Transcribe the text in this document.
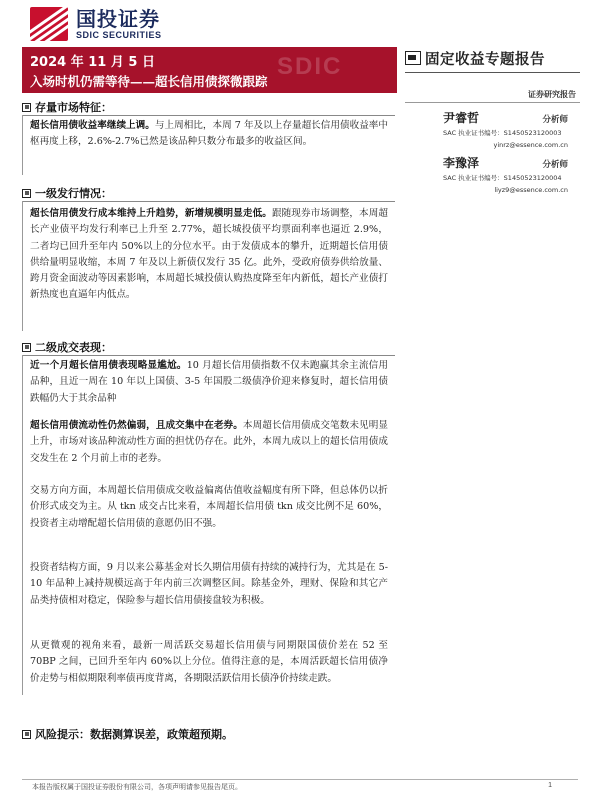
国投证券
SDIC SECURITIES
SDIC
2024 年 11 月 5 日
入场时机仍需等待——超长信用债探微跟踪
固定收益专题报告
证券研究报告
尹睿哲	分析师
SAC 执业证书编号：S1450523120003
yinrz@essence.com.cn
李豫泽	分析师
SAC 执业证书编号：S1450523120004
liyz9@essence.com.cn
存量市场特征：
超长信用债收益率继续上调。与上周相比，本周 7 年及以上存量超长信用债收益率中枢再度上移，2.6%-2.7%已然是该品种只数分布最多的收益区间。
一级发行情况：
超长信用债发行成本维持上升趋势，新增规模明显走低。跟随现券市场调整，本周超长产业债平均发行利率已上升至 2.77%，超长城投债平均票面利率也逼近 2.9%，二者均已回升至年内 50%以上的分位水平。由于发债成本的攀升，近期超长信用债供给量明显收缩，本周 7 年及以上新债仅发行 35 亿。此外，受政府债券供给放量、跨月资金面波动等因素影响，本周超长城投债认购热度降至年内新低，超长产业债打新热度也直逼年内低点。
二级成交表现：
近一个月超长信用债表现略显尴尬。10 月超长信用债指数不仅未跑赢其余主流信用品种，且近一周在 10 年以上国债、3-5 年国股二级债净价迎来修复时，超长信用债跌幅仍大于其余品种
超长信用债流动性仍然偏弱，且成交集中在老券。本周超长信用债成交笔数未见明显上升，市场对该品种流动性方面的担忧仍存在。此外，本周九成以上的超长信用债成交发生在 2 个月前上市的老券。
交易方向方面，本周超长信用债成交收益偏离估值收益幅度有所下降，但总体仍以折价形式成交为主。从 tkn 成交占比来看，本周超长信用债 tkn 成交比例不足 60%，投资者主动增配超长信用债的意愿仍旧不强。
投资者结构方面，9 月以来公募基金对长久期信用债有持续的减持行为，尤其是在 5-10 年品种上减持规模远高于年内前三次调整区间。除基金外，理财、保险和其它产品类持债相对稳定，保险参与超长信用债接盘较为积极。
从更微观的视角来看，最新一周活跃交易超长信用债与同期限国债价差在 52 至 70BP 之间，已回升至年内 60%以上分位。值得注意的是，本周活跃超长信用债净价走势与相似期限利率债再度背离，各期限活跃信用长债净价持续走跌。
风险提示：数据测算误差，政策超预期。
本报告版权属于国投证券股份有限公司，各项声明请参见报告尾页。	1
